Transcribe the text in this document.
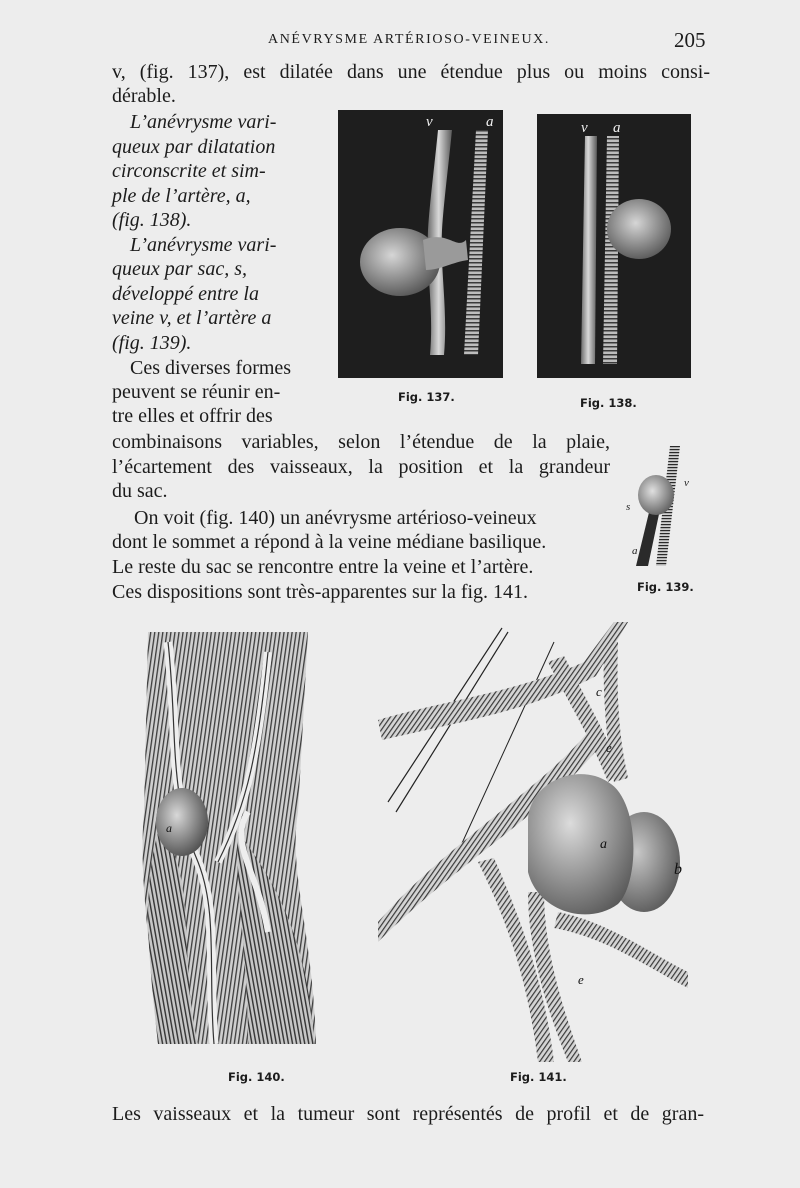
ANÉVRYSME ARTÉRIOSO-VEINEUX.	205
v, (fig. 137), est dilatée dans une étendue plus ou moins consi-
dérable.
L’anévrysme vari-
queux par dilatation
circonscrite et sim-
ple de l’artère, a,
(fig. 138).
L’anévrysme vari-
queux par sac, s,
développé entre la
veine v, et l’artère a
(fig. 139).
Ces diverses formes
peuvent se réunir en-
tre elles et offrir des
combinaisons variables, selon l’étendue de la plaie,
l’écartement des vaisseaux, la position et la grandeur
du sac.
On voit (fig. 140) un anévrysme artérioso-veineux
dont le sommet a répond à la veine médiane basilique.
Le reste du sac se rencontre entre la veine et l’artère.
Ces dispositions sont très-apparentes sur la fig. 141.
Les vaisseaux et la tumeur sont représentés de profil et de gran-
v	a
Fig. 137.
v a
Fig. 138.
s
a
v
Fig. 139.
a
Fig. 140.
a
b
c
e
e
Fig. 141.
